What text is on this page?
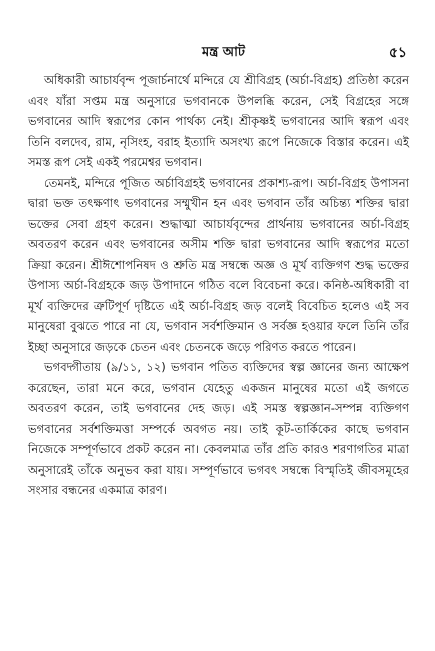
মন্ত্র আট	৫১

অধিকারী আচার্যবৃন্দ পূজার্চনার্থে মন্দিরে যে শ্রীবিগ্রহ (অর্চা-বিগ্রহ) প্রতিষ্ঠা করেন এবং যাঁরা সপ্তম মন্ত্র অনুসারে ভগবানকে উপলব্ধি করেন, সেই বিগ্রহের সঙ্গে ভগবানের আদি স্বরূপের কোন পার্থক্য নেই। শ্রীকৃষ্ণই ভগবানের আদি স্বরূপ এবং তিনি বলদেব, রাম, নৃসিংহ, বরাহ ইত্যাদি অসংখ্য রূপে নিজেকে বিস্তার করেন। এই সমস্ত রূপ সেই একই পরমেশ্বর ভগবান।

তেমনই, মন্দিরে পূজিত অর্চাবিগ্রহই ভগবানের প্রকাশ্য-রূপ। অর্চা-বিগ্রহ উপাসনা দ্বারা ভক্ত তৎক্ষণাৎ ভগবানের সম্মুখীন হন এবং ভগবান তাঁর অচিন্ত্য শক্তির দ্বারা ভক্তের সেবা গ্রহণ করেন। শুদ্ধাত্মা আচার্যবৃন্দের প্রার্থনায় ভগবানের অর্চা-বিগ্রহ অবতরণ করেন এবং ভগবানের অসীম শক্তি দ্বারা ভগবানের আদি স্বরূপের মতো ক্রিয়া করেন। শ্রীঈশোপনিষদ ও শ্রুতি মন্ত্র সম্বন্ধে অজ্ঞ ও মূর্খ ব্যক্তিগণ শুদ্ধ ভক্তের উপাস্য অর্চা-বিগ্রহকে জড় উপাদানে গঠিত বলে বিবেচনা করে। কনিষ্ঠ-অধিকারী বা মূর্খ ব্যক্তিদের ত্রুটিপূর্ণ দৃষ্টিতে এই অর্চা-বিগ্রহ জড় বলেই বিবেচিত হলেও এই সব মানুষেরা বুঝতে পারে না যে, ভগবান সর্বশক্তিমান ও সর্বজ্ঞ হওয়ার ফলে তিনি তাঁর ইচ্ছা অনুসারে জড়কে চেতন এবং চেতনকে জড়ে পরিণত করতে পারেন।

ভগবদ্গীতায় (৯/১১, ১২) ভগবান পতিত ব্যক্তিদের স্বল্প জ্ঞানের জন্য আক্ষেপ করেছেন, তারা মনে করে, ভগবান যেহেতু একজন মানুষের মতো এই জগতে অবতরণ করেন, তাই ভগবানের দেহ জড়। এই সমস্ত স্বল্পজ্ঞান-সম্পন্ন ব্যক্তিগণ ভগবানের সর্বশক্তিমত্তা সম্পর্কে অবগত নয়। তাই কূট-তার্কিকের কাছে ভগবান নিজেকে সম্পূর্ণভাবে প্রকট করেন না। কেবলমাত্র তাঁর প্রতি কারও শরণাগতির মাত্রা অনুসারেই তাঁকে অনুভব করা যায়। সম্পূর্ণভাবে ভগবৎ সম্বন্ধে বিস্মৃতিই জীবসমূহের সংসার বন্ধনের একমাত্র কারণ।
